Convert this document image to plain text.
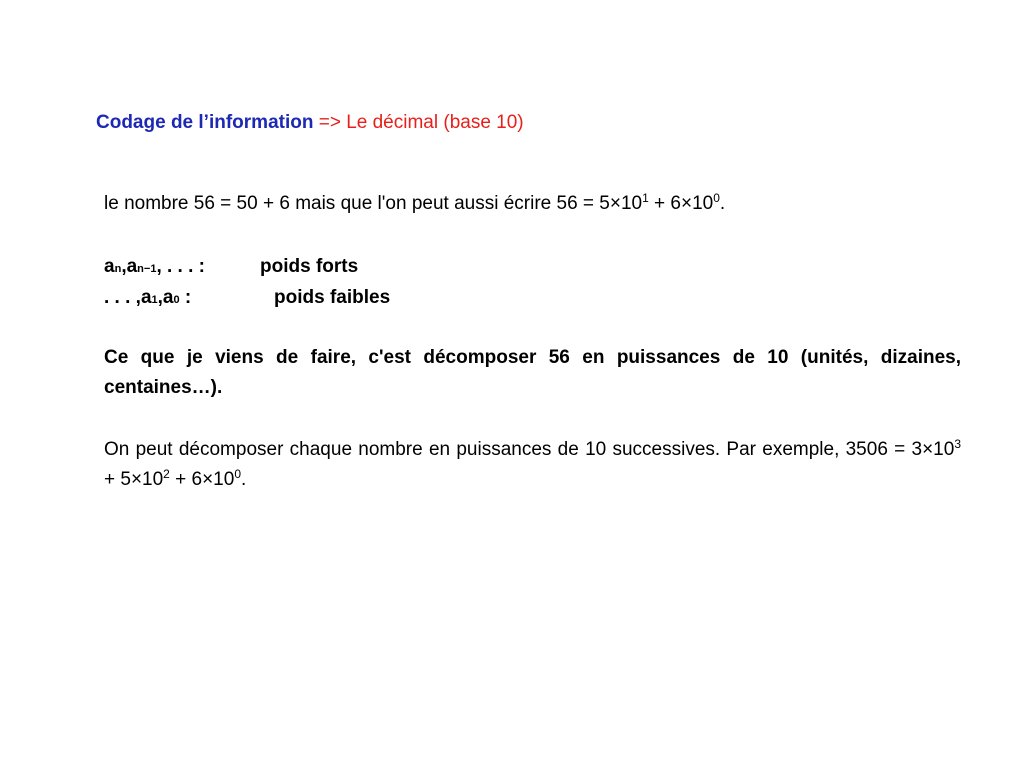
Codage de l’information => Le décimal (base 10)
le nombre 56 = 50 + 6 mais que l'on peut aussi écrire $56 = 5\times 10^1 + 6\times 10^0$.
an,an−1, . . . :	poids forts
. . . ,a1,a0 :	poids faibles
Ce que je viens de faire, c'est décomposer 56 en puissances de 10 (unités, dizaines, centaines…).
On peut décomposer chaque nombre en puissances de 10 successives. Par exemple, $3506 = 3\times 10^3 + 5\times 10^2 + 6\times 10^0$.
